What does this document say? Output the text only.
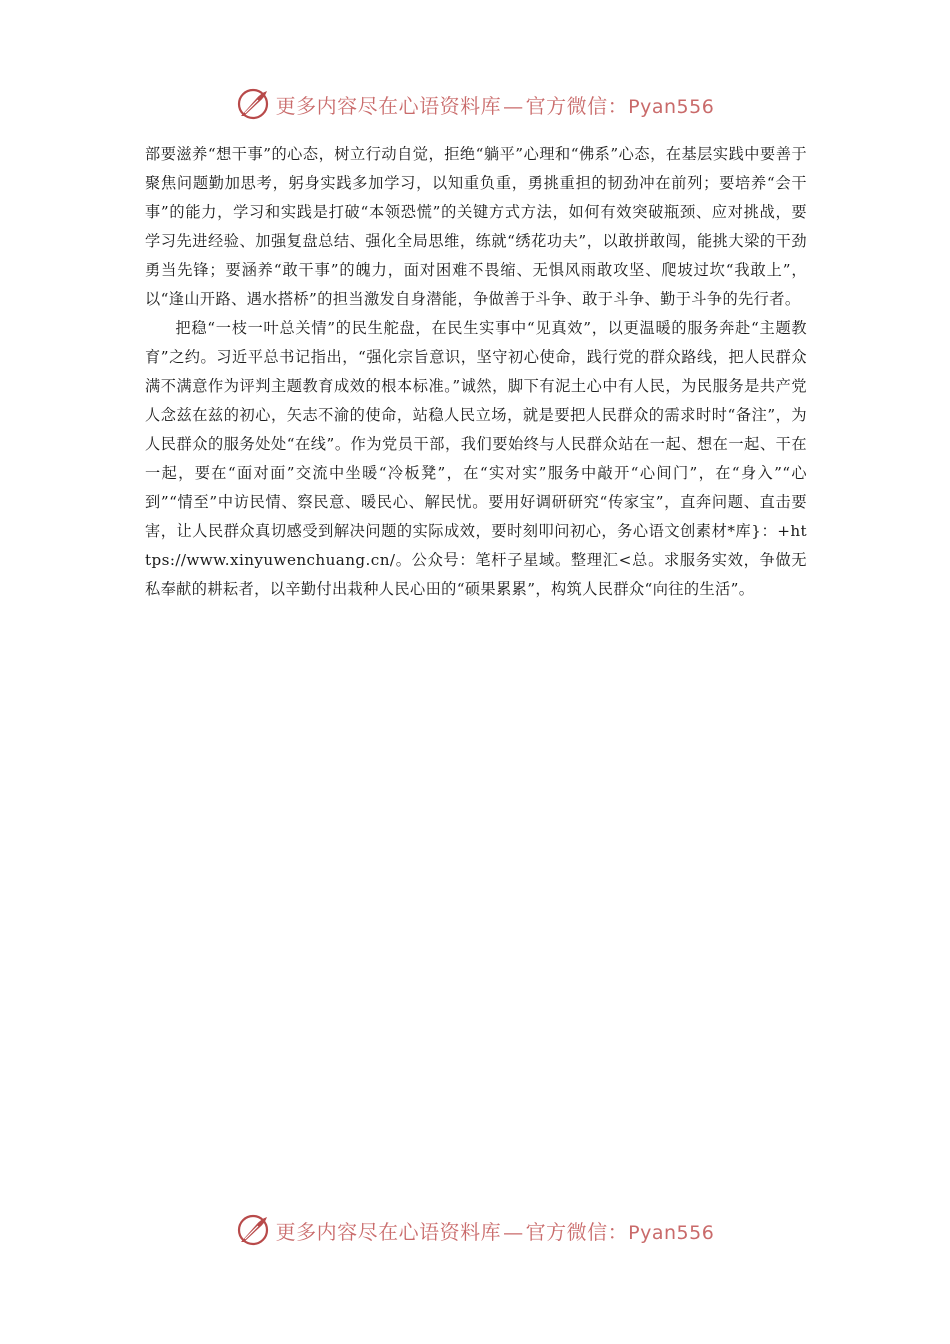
更多内容尽在心语资料库 — 官方微信：Pyan556

部要滋养“想干事”的心态，树立行动自觉，拒绝“躺平”心理和“佛系”心态，在基层实践中要善于聚焦问题勤加思考，躬身实践多加学习，以知重负重，勇挑重担的韧劲冲在前列；要培养“会干事”的能力，学习和实践是打破“本领恐慌”的关键方式方法，如何有效突破瓶颈、应对挑战，要学习先进经验、加强复盘总结、强化全局思维，练就“绣花功夫”，以敢拼敢闯，能挑大梁的干劲勇当先锋；要涵养“敢干事”的魄力，面对困难不畏缩、无惧风雨敢攻坚、爬坡过坎“我敢上”，以“逢山开路、遇水搭桥”的担当激发自身潜能，争做善于斗争、敢于斗争、勤于斗争的先行者。

把稳“一枝一叶总关情”的民生舵盘，在民生实事中“见真效”，以更温暖的服务奔赴“主题教育”之约。习近平总书记指出，“强化宗旨意识，坚守初心使命，践行党的群众路线，把人民群众满不满意作为评判主题教育成效的根本标准。”诚然，脚下有泥土心中有人民，为民服务是共产党人念兹在兹的初心，矢志不渝的使命，站稳人民立场，就是要把人民群众的需求时时“备注”，为人民群众的服务处处“在线”。作为党员干部，我们要始终与人民群众站在一起、想在一起、干在一起，要在“面对面”交流中坐暖“冷板凳”，在“实对实”服务中敲开“心间门”，在“身入”“心到”“情至”中访民情、察民意、暖民心、解民忧。要用好调研研究“传家宝”，直奔问题、直击要害，让人民群众真切感受到解决问题的实际成效，要时刻叩问初心，务心语文创素材*库}：+https://www.xinyuwenchuang.cn/。公众号：笔杆子星域。整理汇<总。求服务实效，争做无私奉献的耕耘者，以辛勤付出栽种人民心田的“硕果累累”，构筑人民群众“向往的生活”。

更多内容尽在心语资料库 — 官方微信：Pyan556
